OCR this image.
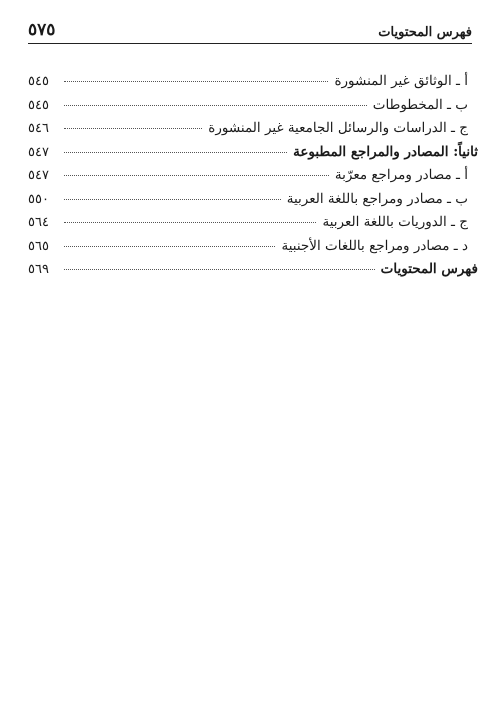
فهرس المحتويات
٥٧٥
أ ـ الوثائق غير المنشورة
٥٤٥
ب ـ المخطوطات
٥٤٥
ج ـ الدراسات والرسائل الجامعية غير المنشورة
٥٤٦
ثانياً: المصادر والمراجع المطبوعة
٥٤٧
أ ـ مصادر ومراجع معرّبة
٥٤٧
ب ـ مصادر ومراجع باللغة العربية
٥٥٠
ج ـ الدوريات باللغة العربية
٥٦٤
د ـ مصادر ومراجع باللغات الأجنبية
٥٦٥
فهرس المحتويات
٥٦٩
